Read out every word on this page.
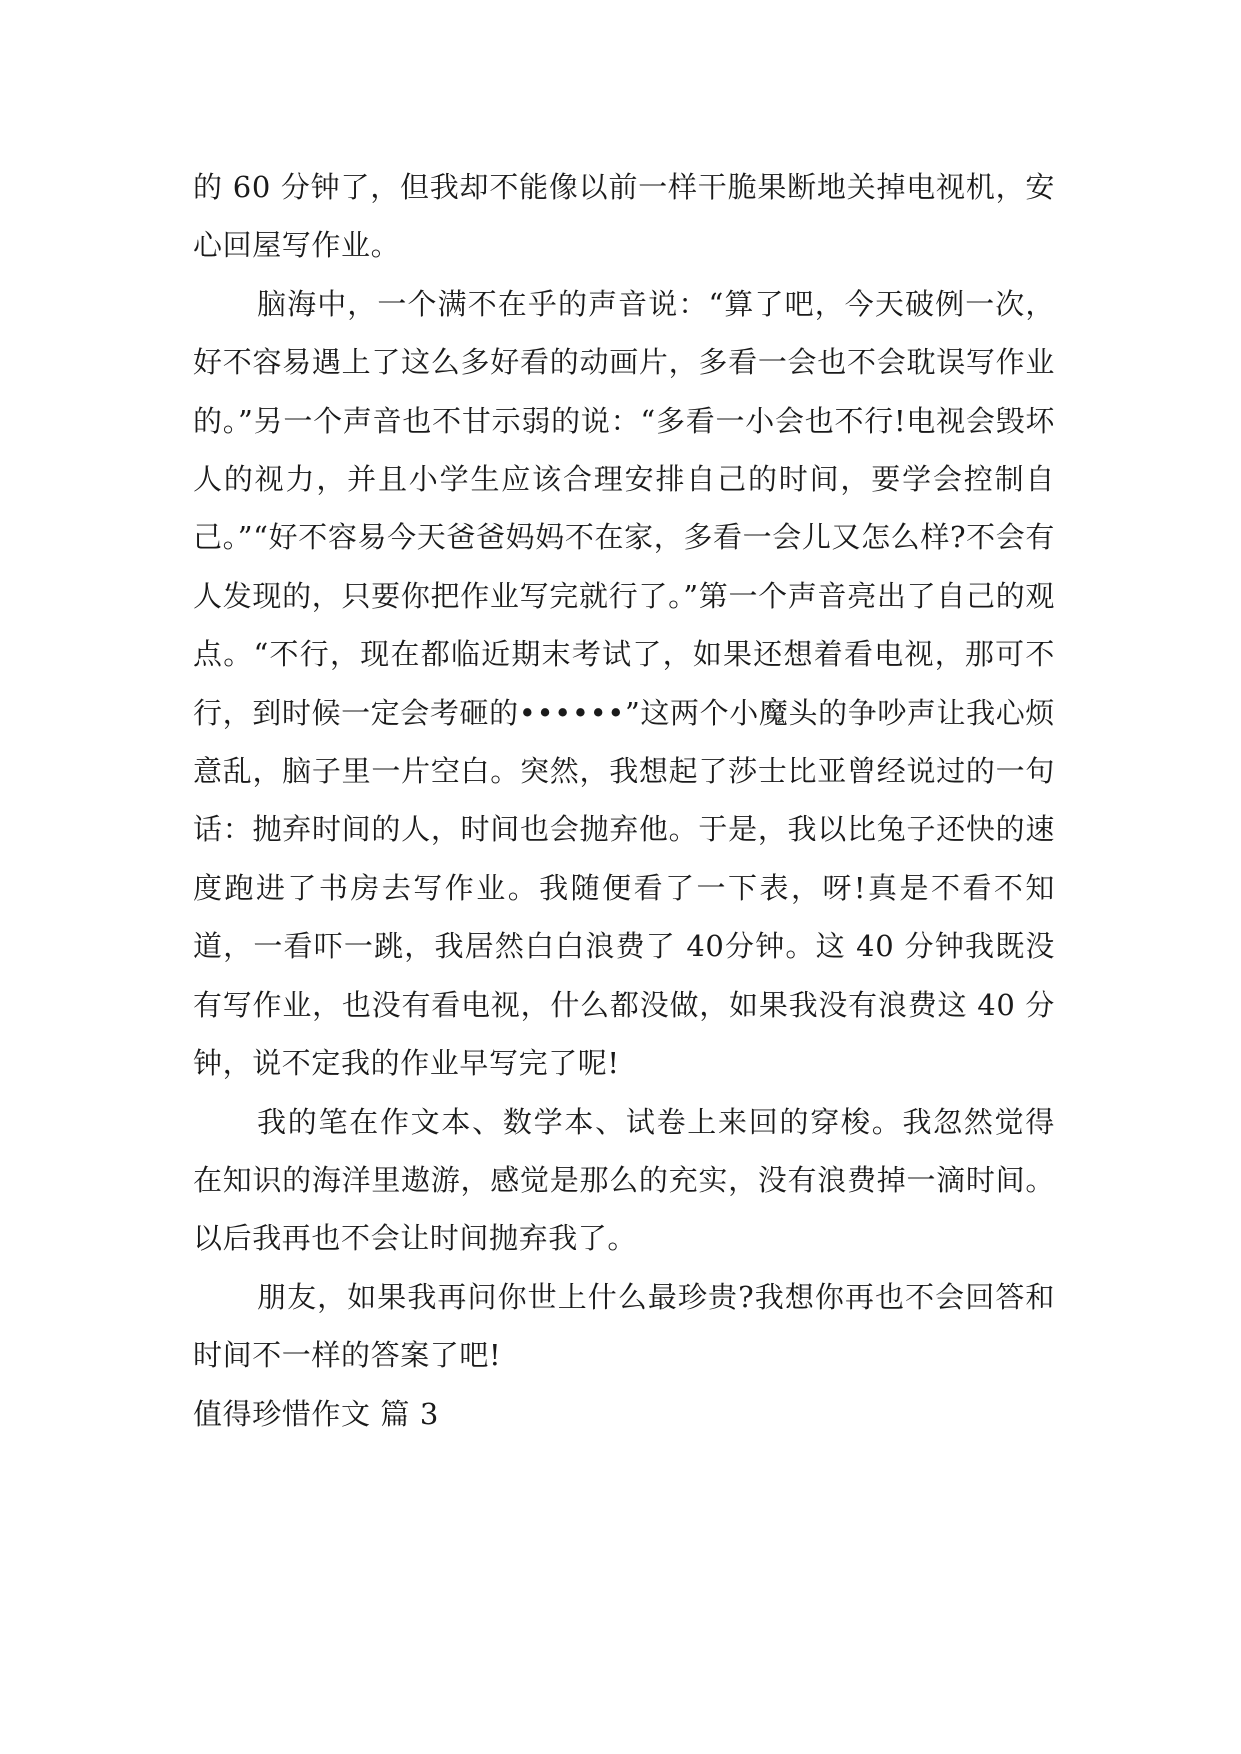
的 60 分钟了，但我却不能像以前一样干脆果断地关掉电视机，安心回屋写作业。

脑海中，一个满不在乎的声音说：“算了吧，今天破例一次，好不容易遇上了这么多好看的动画片，多看一会也不会耽误写作业的。”另一个声音也不甘示弱的说：“多看一小会也不行!电视会毁坏人的视力，并且小学生应该合理安排自己的时间，要学会控制自己。”“好不容易今天爸爸妈妈不在家，多看一会儿又怎么样?不会有人发现的，只要你把作业写完就行了。”第一个声音亮出了自己的观点。“不行，现在都临近期末考试了，如果还想着看电视，那可不行，到时候一定会考砸的••••••”这两个小魔头的争吵声让我心烦意乱，脑子里一片空白。突然，我想起了莎士比亚曾经说过的一句话：抛弃时间的人，时间也会抛弃他。于是，我以比兔子还快的速度跑进了书房去写作业。我随便看了一下表，呀!真是不看不知道，一看吓一跳，我居然白白浪费了 40分钟。这 40 分钟我既没有写作业，也没有看电视，什么都没做，如果我没有浪费这 40 分钟，说不定我的作业早写完了呢!

我的笔在作文本、数学本、试卷上来回的穿梭。我忽然觉得在知识的海洋里遨游，感觉是那么的充实，没有浪费掉一滴时间。以后我再也不会让时间抛弃我了。

朋友，如果我再问你世上什么最珍贵?我想你再也不会回答和时间不一样的答案了吧!

值得珍惜作文 篇 3
